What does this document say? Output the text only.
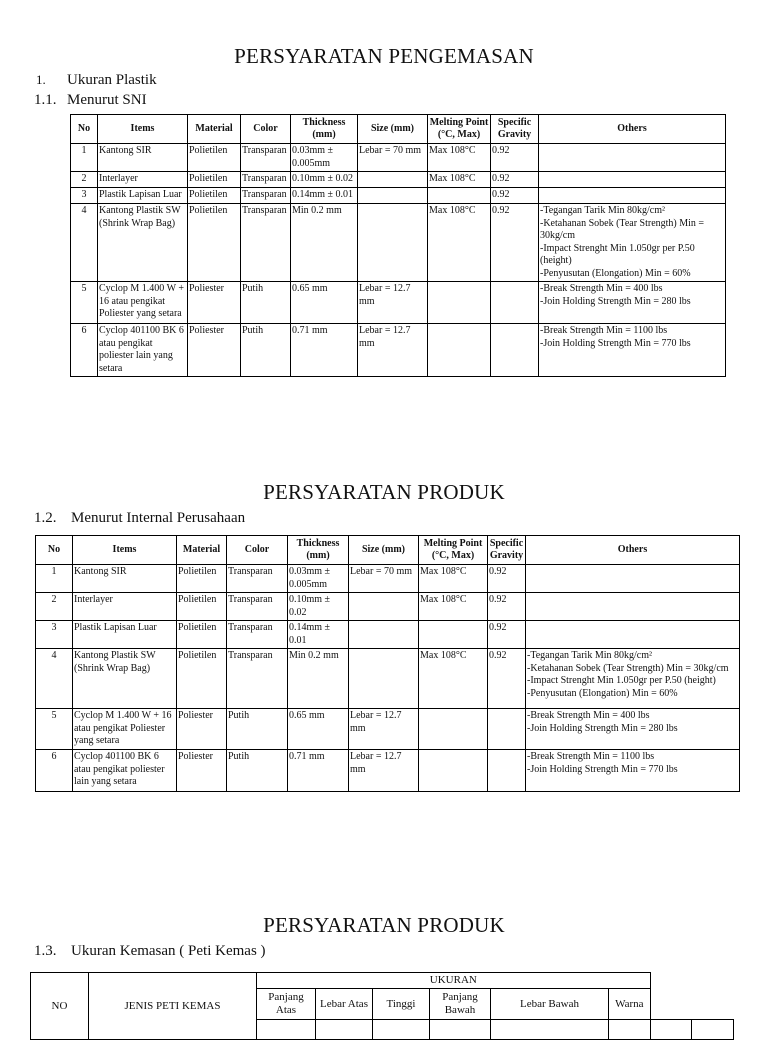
PERSYARATAN PENGEMASAN
1. Ukuran Plastik
1.1. Menurut SNI
No	Items	Material	Color	Thickness (mm)	Size (mm)	Melting Point (°C, Max)	Specific Gravity	Others
1	Kantong SIR	Polietilen	Transparan	0.03mm ± 0.005mm	Lebar = 70 mm	Max 108°C	0.92	
2	Interlayer	Polietilen	Transparan	0.10mm ± 0.02		Max 108°C	0.92	
3	Plastik Lapisan Luar	Polietilen	Transparan	0.14mm ± 0.01			0.92	
4	Kantong Plastik SW (Shrink Wrap Bag)	Polietilen	Transparan	Min 0.2 mm		Max 108°C	0.92	-Tegangan Tarik Min 80kg/cm²
-Ketahanan Sobek (Tear Strength) Min = 30kg/cm
-Impact Strenght Min 1.050gr per P.50 (height)
-Penyusutan (Elongation) Min = 60%

5	Cyclop M 1.400 W + 16 atau pengikat Poliester yang setara	Poliester	Putih	0.65 mm	Lebar = 12.7 mm			-Break Strength Min = 400 lbs
-Join Holding Strength Min = 280 lbs

6	Cyclop 401100 BK 6 atau pengikat poliester lain yang setara	Poliester	Putih	0.71 mm	Lebar = 12.7 mm			-Break Strength Min = 1100 lbs
-Join Holding Strength Min = 770 lbs
PERSYARATAN PRODUK
1.2. Menurut Internal Perusahaan
No	Items	Material	Color	Thickness (mm)	Size (mm)	Melting Point (°C, Max)	Specific Gravity	Others
1	Kantong SIR	Polietilen	Transparan	0.03mm ± 0.005mm	Lebar = 70 mm	Max 108°C	0.92	
2	Interlayer	Polietilen	Transparan	0.10mm ± 0.02		Max 108°C	0.92	
3	Plastik Lapisan Luar	Polietilen	Transparan	0.14mm ± 0.01			0.92	
4	Kantong Plastik SW (Shrink Wrap Bag)	Polietilen	Transparan	Min 0.2 mm		Max 108°C	0.92	-Tegangan Tarik Min 80kg/cm²
-Ketahanan Sobek (Tear Strength) Min = 30kg/cm
-Impact Strenght Min 1.050gr per P.50 (height)
-Penyusutan (Elongation) Min = 60%

5	Cyclop M 1.400 W + 16 atau pengikat Poliester yang setara	Poliester	Putih	0.65 mm	Lebar = 12.7 mm			-Break Strength Min = 400 lbs
-Join Holding Strength Min = 280 lbs

6	Cyclop 401100 BK 6 atau pengikat poliester lain yang setara	Poliester	Putih	0.71 mm	Lebar = 12.7 mm			-Break Strength Min = 1100 lbs
-Join Holding Strength Min = 770 lbs
PERSYARATAN PRODUK
1.3. Ukuran Kemasan ( Peti Kemas )
NO	JENIS PETI KEMAS	UKURAN							
		Panjang Atas	Lebar Atas	Tinggi	Panjang Bawah	Lebar Bawah	Warna		
